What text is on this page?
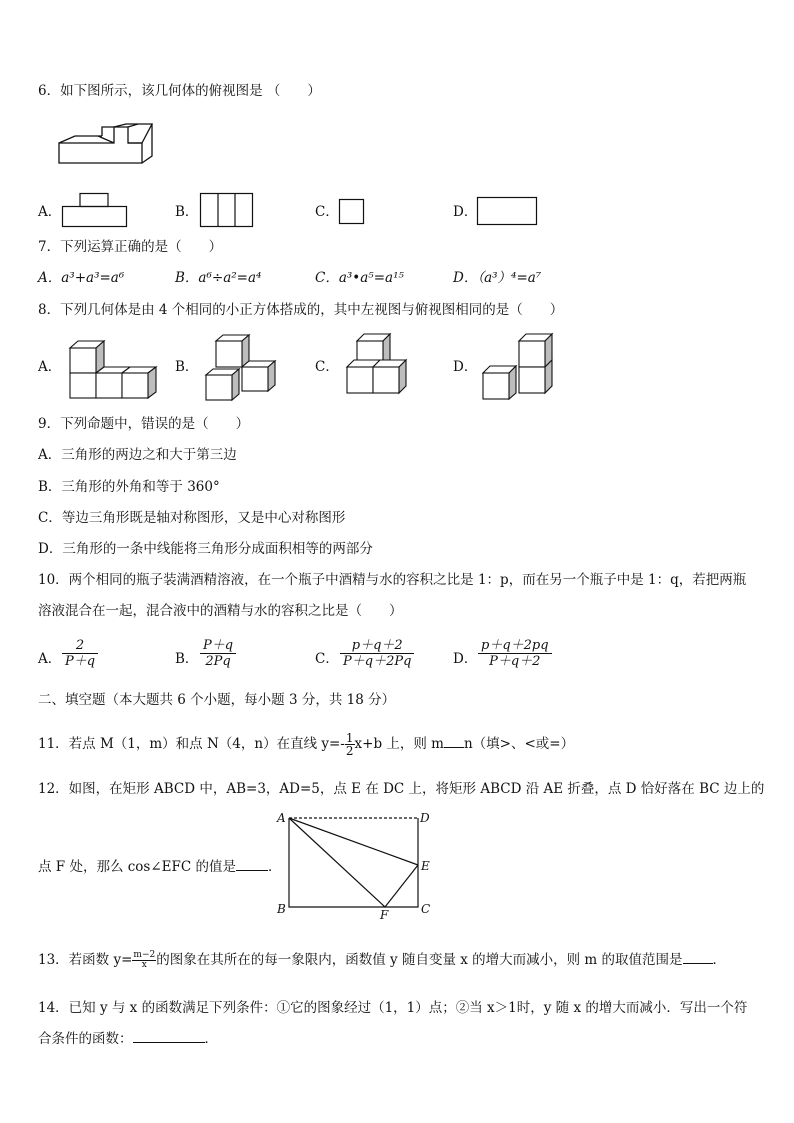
6．如下图所示，该几何体的俯视图是 （　　）
A．	B．	C．	D．
7．下列运算正确的是（　　）
A．a³+a³=a⁶	B．a⁶÷a²=a⁴	C．a³•a⁵=a¹⁵	D．（a³）⁴=a⁷
8．下列几何体是由 4 个相同的小正方体搭成的，其中左视图与俯视图相同的是（　　）
A．	B．	C．	D．
9．下列命题中，错误的是（　　）
A．三角形的两边之和大于第三边
B．三角形的外角和等于 360°
C．等边三角形既是轴对称图形，又是中心对称图形
D．三角形的一条中线能将三角形分成面积相等的两部分
10．两个相同的瓶子装满酒精溶液，在一个瓶子中酒精与水的容积之比是 1：p，而在另一个瓶子中是 1：q，若把两瓶
溶液混合在一起，混合液中的酒精与水的容积之比是（　　）
A． $\frac{2}{P+q}$	B． $\frac{P+q}{2Pq}$	C． $\frac{p+q+2}{P+q+2Pq}$	D． $\frac{p+q+2pq}{P+q+2}$
二、填空题（本大题共 6 个小题，每小题 3 分，共 18 分）
11．若点 M（1，m）和点 N（4，n）在直线 $y=- \frac{1}{2} x+b$ 上，则 m n（填>、<或=）
12．如图，在矩形 ABCD 中，AB=3，AD=5，点 E 在 DC 上，将矩形 ABCD 沿 AE 折叠，点 D 恰好落在 BC 边上的
点 F 处，那么 cos∠EFC 的值是 ．
A	D
E
B	C
F
13．若函数 $y= \frac{m-2}{x}$ 的图象在其所在的每一象限内，函数值 y 随自变量 x 的增大而减小，则 m 的取值范围是 ．
14．已知 y 与 x 的函数满足下列条件：①它的图象经过（1，1）点；②当 x＞1时，y 随 x 的增大而减小．写出一个符
合条件的函数：	．
